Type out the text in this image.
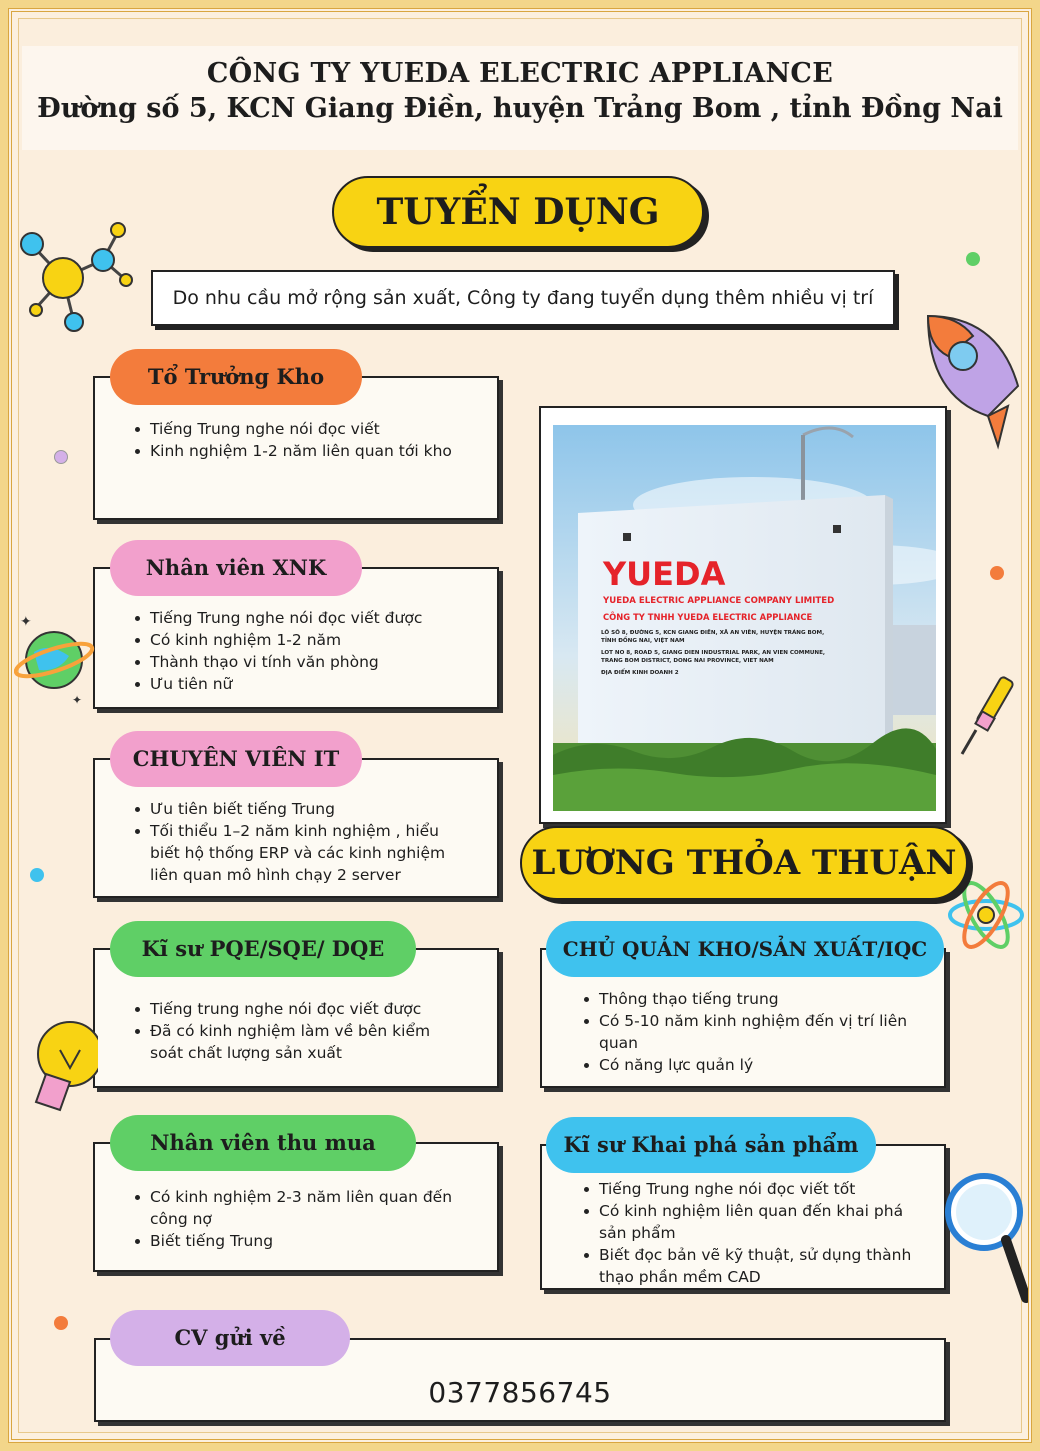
CÔNG TY YUEDA ELECTRIC APPLIANCE
Đường số 5, KCN Giang Điền, huyện Trảng Bom , tỉnh Đồng Nai
TUYỂN DỤNG
Do nhu cầu mở rộng sản xuất, Công ty đang tuyển dụng thêm nhiều vị trí
Tổ Trưởng Kho
Tiếng Trung nghe nói đọc viết
Kinh nghiệm 1-2 năm liên quan tới kho
Nhân viên XNK
Tiếng Trung nghe nói đọc viết được
Có kinh nghiệm 1-2 năm
Thành thạo vi tính văn phòng
Ưu tiên nữ
CHUYÊN VIÊN IT
Ưu tiên biết tiếng Trung
Tối thiểu 1–2 năm kinh nghiệm , hiểu biết hộ thống ERP và các kinh nghiệm liên quan mô hình chạy 2 server
Kĩ sư PQE/SQE/ DQE
Tiếng trung nghe nói đọc viết được
Đã có kinh nghiệm làm về bên kiểm soát chất lượng sản xuất
Nhân viên thu mua
Có kinh nghiệm 2-3 năm liên quan đến công nợ
Biết tiếng Trung
YUEDA
YUEDA ELECTRIC APPLIANCE COMPANY LIMITED
CÔNG TY TNHH YUEDA ELECTRIC APPLIANCE
LÔ SỐ 8, ĐƯỜNG 5, KCN GIANG ĐIỀN, XÃ AN VIỄN, HUYỆN TRẢNG BOM, TỈNH ĐỒNG NAI, VIỆT NAM
LOT NO 8, ROAD 5, GIANG DIEN INDUSTRIAL PARK, AN VIEN COMMUNE, TRANG BOM DISTRICT, DONG NAI PROVINCE, VIET NAM
ĐỊA ĐIỂM KINH DOANH 2
LƯƠNG THỎA THUẬN
CHỦ QUẢN KHO/SẢN XUẤT/IQC
Thông thạo tiếng trung
Có 5-10 năm kinh nghiệm đến vị trí liên quan
Có năng lực quản lý
Kĩ sư Khai phá sản phẩm
Tiếng Trung nghe nói đọc viết tốt
Có kinh nghiệm liên quan đến khai phá sản phẩm
Biết đọc bản vẽ kỹ thuật, sử dụng thành thạo phần mềm CAD
CV gửi về
0377856745
✦
✦
